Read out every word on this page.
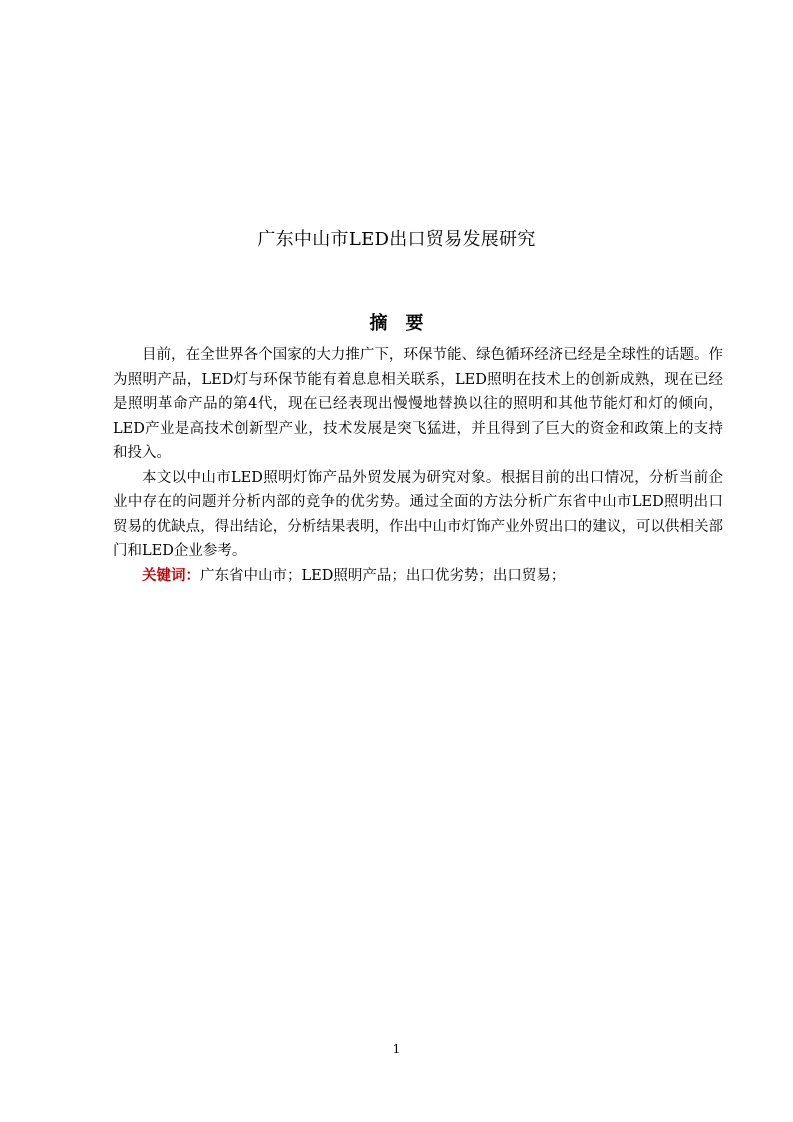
广东中山市LED出口贸易发展研究
摘要

目前，在全世界各个国家的大力推广下，环保节能、绿色循环经济已经是全球性的话题。作为照明产品，LED灯与环保节能有着息息相关联系，LED照明在技术上的创新成熟，现在已经是照明革命产品的第4代，现在已经表现出慢慢地替换以往的照明和其他节能灯和灯的倾向，LED产业是高技术创新型产业，技术发展是突飞猛进，并且得到了巨大的资金和政策上的支持和投入。

本文以中山市LED照明灯饰产品外贸发展为研究对象。根据目前的出口情况，分析当前企业中存在的问题并分析内部的竞争的优劣势。通过全面的方法分析广东省中山市LED照明出口贸易的优缺点，得出结论，分析结果表明，作出中山市灯饰产业外贸出口的建议，可以供相关部门和LED企业参考。

关键词：广东省中山市；LED照明产品；出口优劣势；出口贸易；

1
